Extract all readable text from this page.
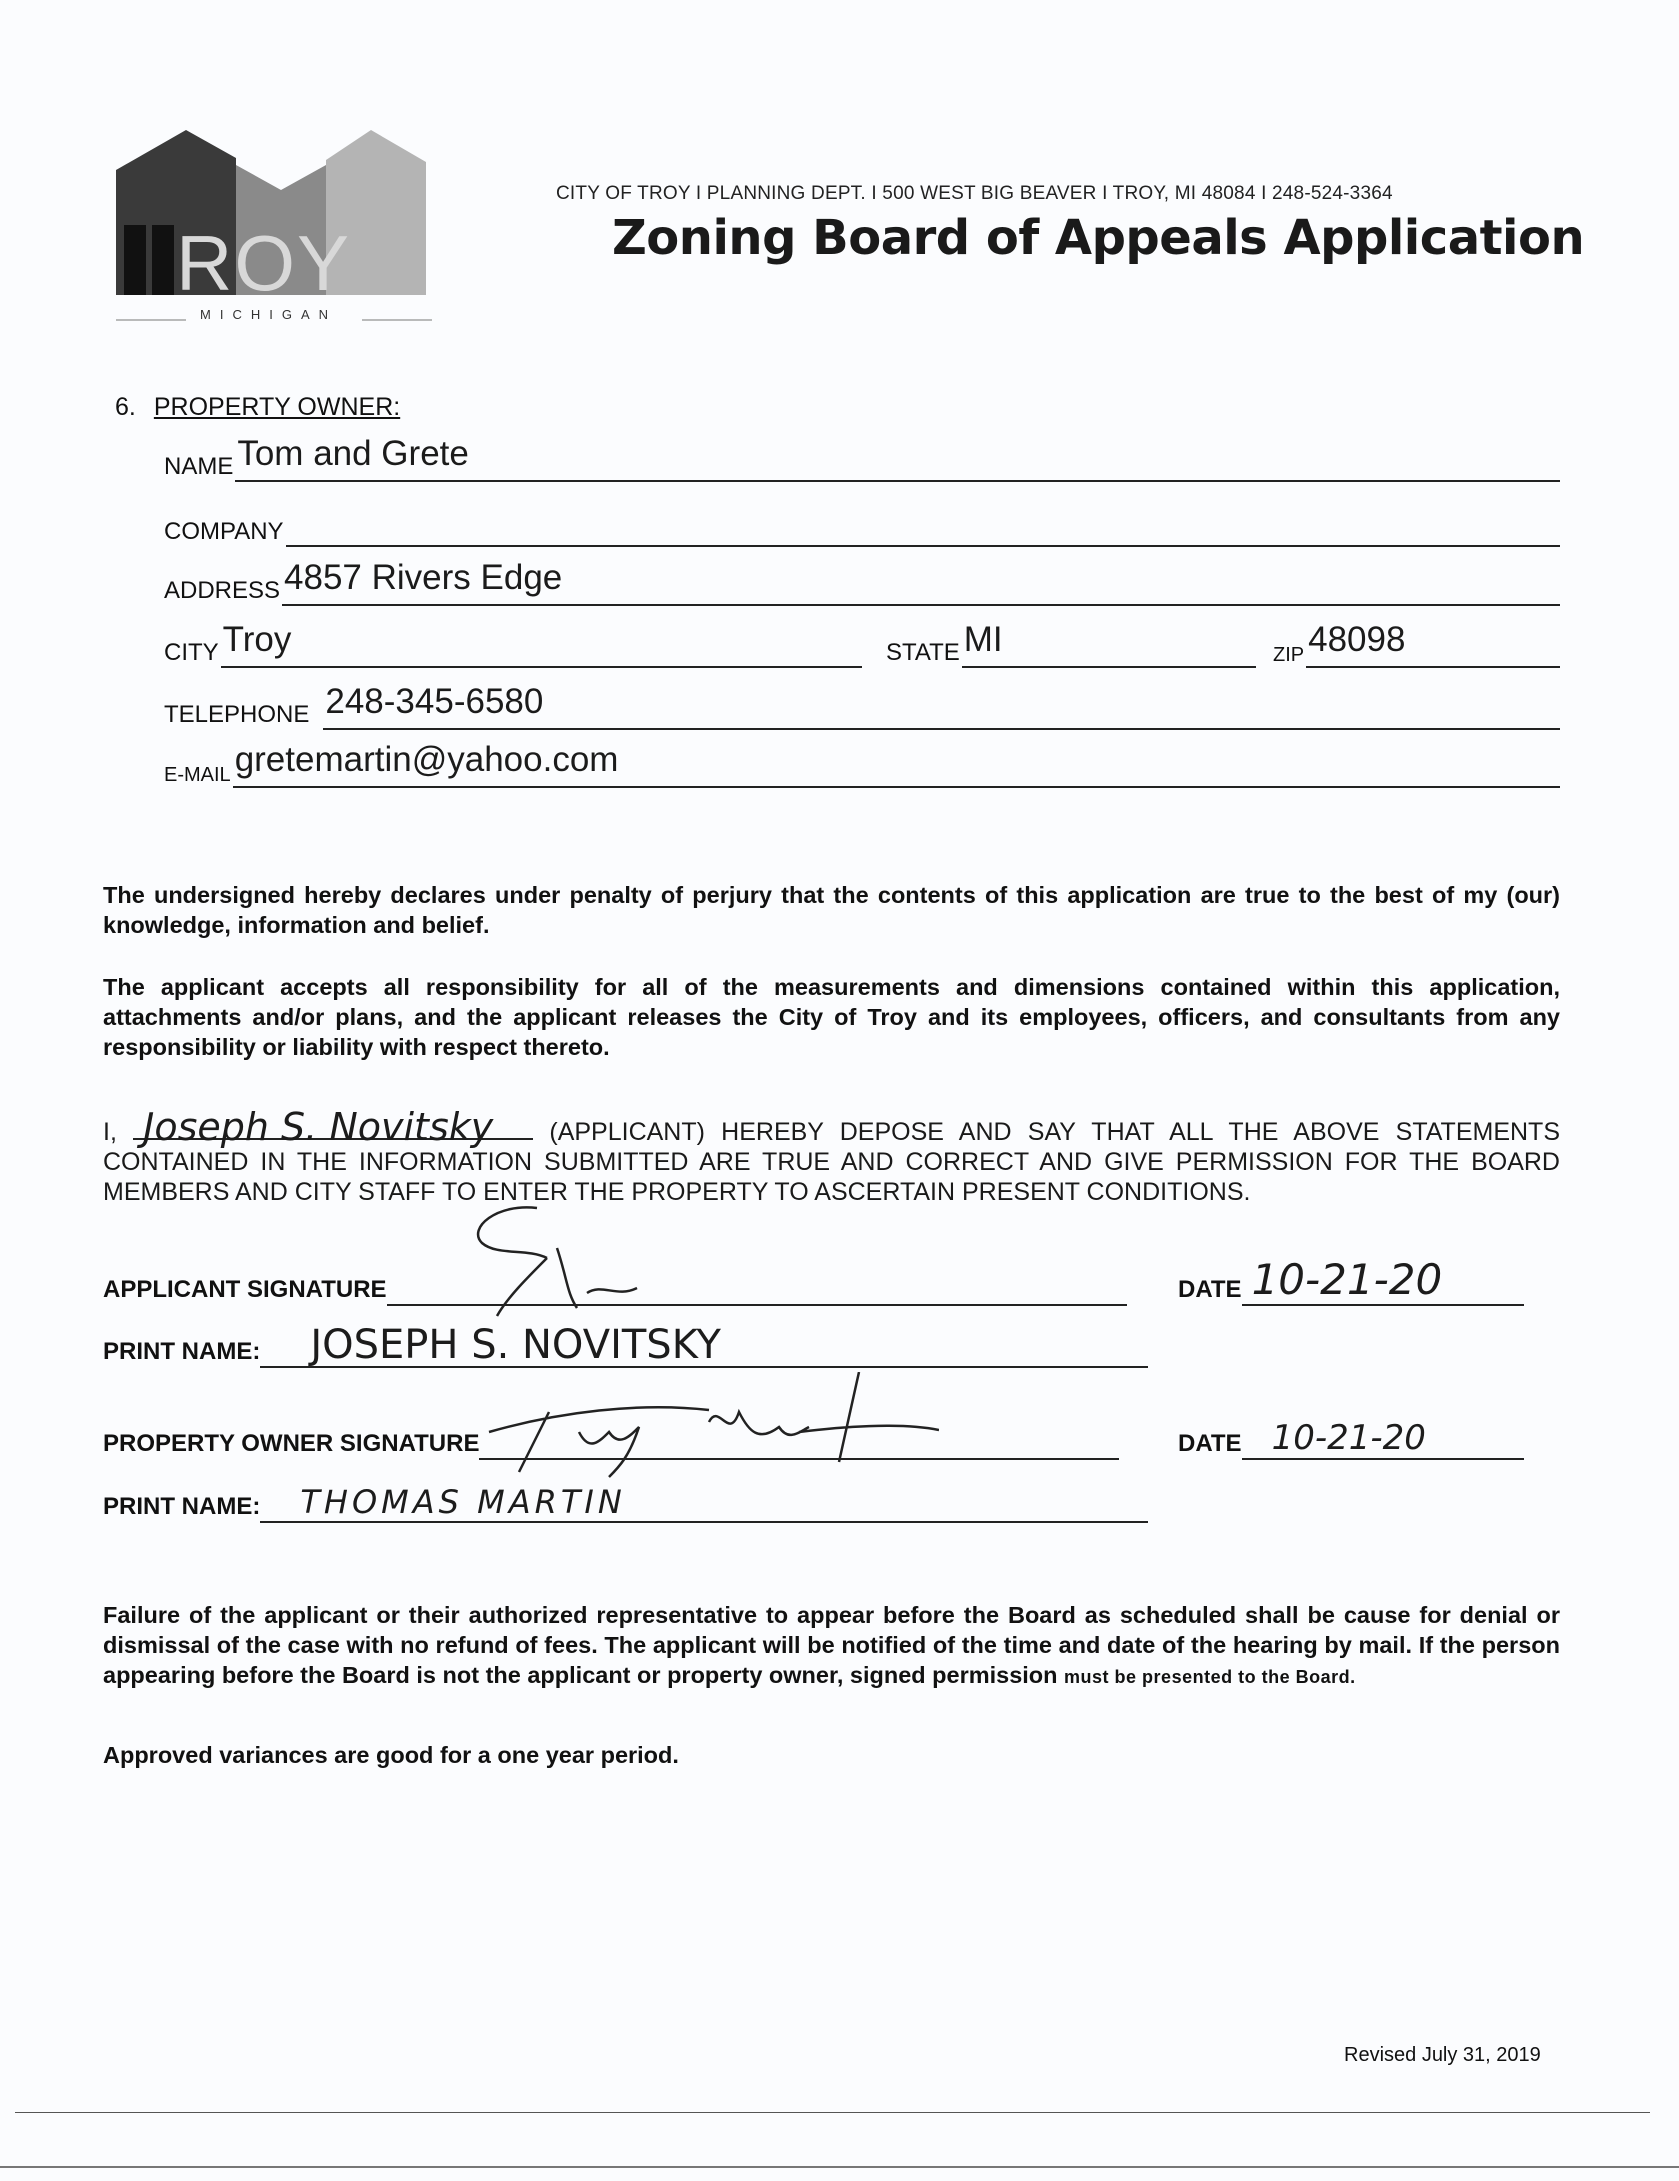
ROY
MICHIGAN
CITY OF TROY I PLANNING DEPT. I 500 WEST BIG BEAVER I TROY, MI 48084 I 248-524-3364
Zoning Board of Appeals Application
6. PROPERTY OWNER:
NAME Tom and Grete
COMPANY
ADDRESS 4857 Rivers Edge
CITY Troy	STATE MI	ZIP 48098
TELEPHONE 248-345-6580
E-MAIL gretemartin@yahoo.com
The undersigned hereby declares under penalty of perjury that the contents of this application are true to the best of my (our) knowledge, information and belief.
The applicant accepts all responsibility for all of the measurements and dimensions contained within this application, attachments and/or plans, and the applicant releases the City of Troy and its employees, officers, and consultants from any responsibility or liability with respect thereto.
I, Joseph S. Novitsky (APPLICANT) HEREBY DEPOSE AND SAY THAT ALL THE ABOVE STATEMENTS CONTAINED IN THE INFORMATION SUBMITTED ARE TRUE AND CORRECT AND GIVE PERMISSION FOR THE BOARD MEMBERS AND CITY STAFF TO ENTER THE PROPERTY TO ASCERTAIN PRESENT CONDITIONS.
APPLICANT SIGNATURE	DATE 10-21-20
PRINT NAME: JOSEPH S. NOVITSKY
PROPERTY OWNER SIGNATURE	DATE 10-21-20
PRINT NAME: THOMAS MARTIN
Failure of the applicant or their authorized representative to appear before the Board as scheduled shall be cause for denial or dismissal of the case with no refund of fees. The applicant will be notified of the time and date of the hearing by mail. If the person appearing before the Board is not the applicant or property owner, signed permission must be presented to the Board.
Approved variances are good for a one year period.
Revised July 31, 2019
